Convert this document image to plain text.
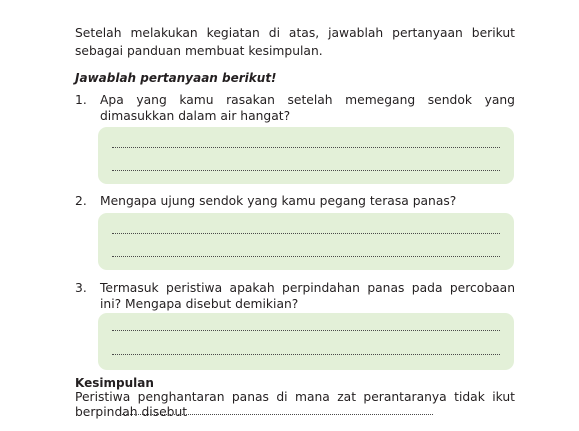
Setelah melakukan kegiatan di atas, jawablah pertanyaan berikut sebagai panduan membuat kesimpulan.

Jawablah pertanyaan berikut!
1. Apa yang kamu rasakan setelah memegang sendok yang dimasukkan dalam air hangat?
2. Mengapa ujung sendok yang kamu pegang terasa panas?
3. Termasuk peristiwa apakah perpindahan panas pada percobaan ini? Mengapa disebut demikian?
Kesimpulan

Peristiwa penghantaran panas di mana zat perantaranya tidak ikut berpindah disebut
